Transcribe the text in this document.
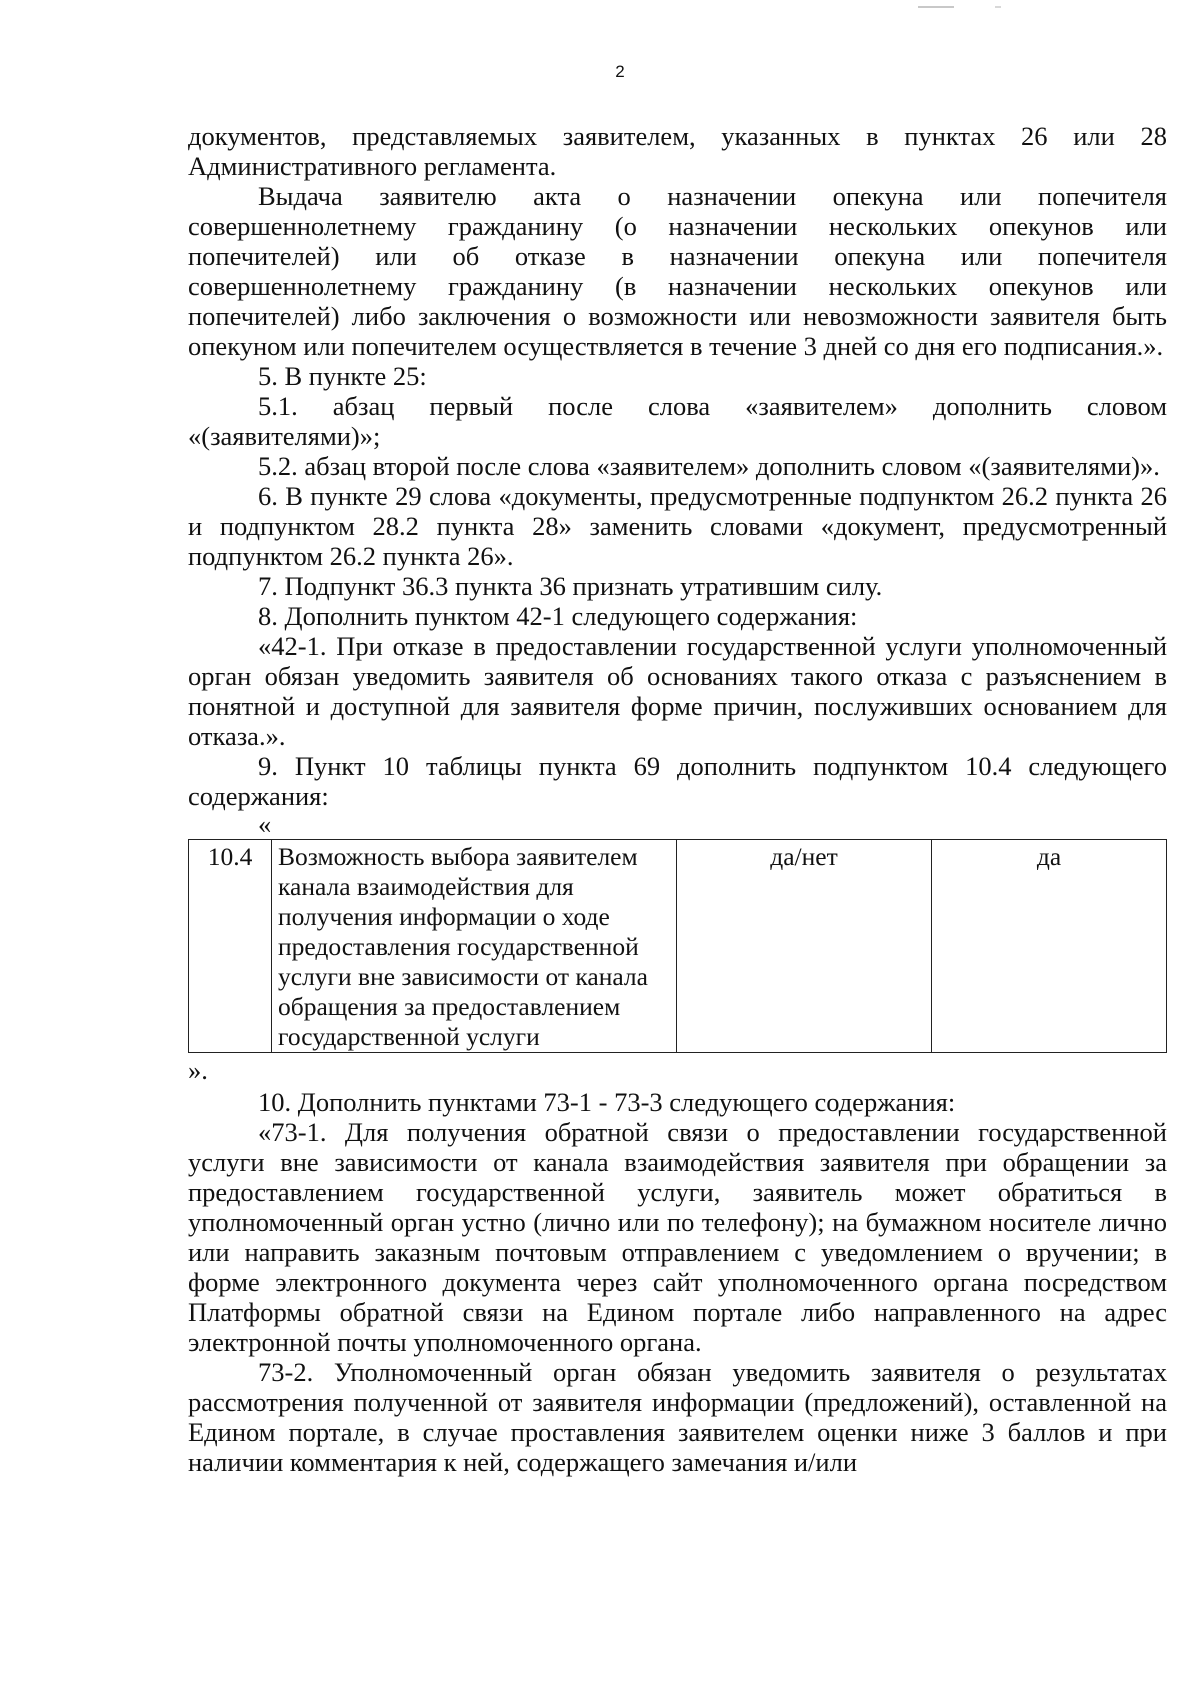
2

документов, представляемых заявителем, указанных в пунктах 26 или 28 Административного регламента.

Выдача заявителю акта о назначении опекуна или попечителя совершеннолетнему гражданину (о назначении нескольких опекунов или попечителей) или об отказе в назначении опекуна или попечителя совершеннолетнему гражданину (в назначении нескольких опекунов или попечителей) либо заключения о возможности или невозможности заявителя быть опекуном или попечителем осуществляется в течение 3 дней со дня его подписания.».

5. В пункте 25:

5.1. абзац первый после слова «заявителем» дополнить словом «(заявителями)»;

5.2. абзац второй после слова «заявителем» дополнить словом «(заявителями)».

6. В пункте 29 слова «документы, предусмотренные подпунктом 26.2 пункта 26 и подпунктом 28.2 пункта 28» заменить словами «документ, предусмотренный подпунктом 26.2 пункта 26».

7. Подпункт 36.3 пункта 36 признать утратившим силу.

8. Дополнить пунктом 42-1 следующего содержания:

«42-1. При отказе в предоставлении государственной услуги уполномоченный орган обязан уведомить заявителя об основаниях такого отказа с разъяснением в понятной и доступной для заявителя форме причин, послуживших основанием для отказа.».

9. Пункт 10 таблицы пункта 69 дополнить подпунктом 10.4 следующего содержания:

«

10.4	Возможность выбора заявителем канала взаимодействия для получения информации о ходе предоставления государственной услуги вне зависимости от канала обращения за предоставлением государственной услуги	да/нет	да

».

10. Дополнить пунктами 73-1 - 73-3 следующего содержания:

«73-1. Для получения обратной связи о предоставлении государственной услуги вне зависимости от канала взаимодействия заявителя при обращении за предоставлением государственной услуги, заявитель может обратиться в уполномоченный орган устно (лично или по телефону); на бумажном носителе лично или направить заказным почтовым отправлением с уведомлением о вручении; в форме электронного документа через сайт уполномоченного органа посредством Платформы обратной связи на Едином портале либо направленного на адрес электронной почты уполномоченного органа.

73-2. Уполномоченный орган обязан уведомить заявителя о результатах рассмотрения полученной от заявителя информации (предложений), оставленной на Едином портале, в случае проставления заявителем оценки ниже 3 баллов и при наличии комментария к ней, содержащего замечания и/или
